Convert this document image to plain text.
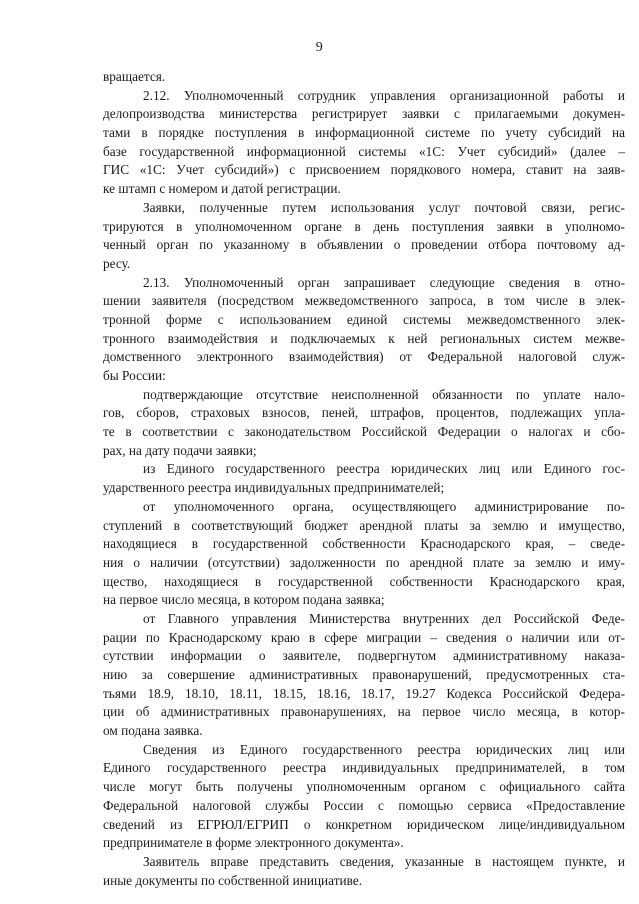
9

вращается.

2.12. Уполномоченный сотрудник управления организационной работы и
делопроизводства министерства регистрирует заявки с прилагаемыми докумен-
тами в порядке поступления в информационной системе по учету субсидий на
базе государственной информационной системы «1С: Учет субсидий» (далее –
ГИС «1С: Учет субсидий») с присвоением порядкового номера, ставит на заяв-
ке штамп с номером и датой регистрации.

Заявки, полученные путем использования услуг почтовой связи, регис-
трируются в уполномоченном органе в день поступления заявки в уполномо-
ченный орган по указанному в объявлении о проведении отбора почтовому ад-
ресу.

2.13. Уполномоченный орган запрашивает следующие сведения в отно-
шении заявителя (посредством межведомственного запроса, в том числе в элек-
тронной форме с использованием единой системы межведомственного элек-
тронного взаимодействия и подключаемых к ней региональных систем межве-
домственного электронного взаимодействия) от Федеральной налоговой служ-
бы России:

подтверждающие отсутствие неисполненной обязанности по уплате нало-
гов, сборов, страховых взносов, пеней, штрафов, процентов, подлежащих упла-
те в соответствии с законодательством Российской Федерации о налогах и сбо-
рах, на дату подачи заявки;

из Единого государственного реестра юридических лиц или Единого гос-
ударственного реестра индивидуальных предпринимателей;

от уполномоченного органа, осуществляющего администрирование по-
ступлений в соответствующий бюджет арендной платы за землю и имущество,
находящиеся в государственной собственности Краснодарского края, – сведе-
ния о наличии (отсутствии) задолженности по арендной плате за землю и иму-
щество, находящиеся в государственной собственности Краснодарского края,
на первое число месяца, в котором подана заявка;

от Главного управления Министерства внутренних дел Российской Феде-
рации по Краснодарскому краю в сфере миграции – сведения о наличии или от-
сутствии информации о заявителе, подвергнутом административному наказа-
нию за совершение административных правонарушений, предусмотренных ста-
тьями 18.9, 18.10, 18.11, 18.15, 18.16, 18.17, 19.27 Кодекса Российской Федера-
ции об административных правонарушениях, на первое число месяца, в котор-
ом подана заявка.

Сведения из Единого государственного реестра юридических лиц или
Единого государственного реестра индивидуальных предпринимателей, в том
числе могут быть получены уполномоченным органом с официального сайта
Федеральной налоговой службы России с помощью сервиса «Предоставление
сведений из ЕГРЮЛ/ЕГРИП о конкретном юридическом лице/индивидуальном
предпринимателе в форме электронного документа».

Заявитель вправе представить сведения, указанные в настоящем пункте, и
иные документы по собственной инициативе.
